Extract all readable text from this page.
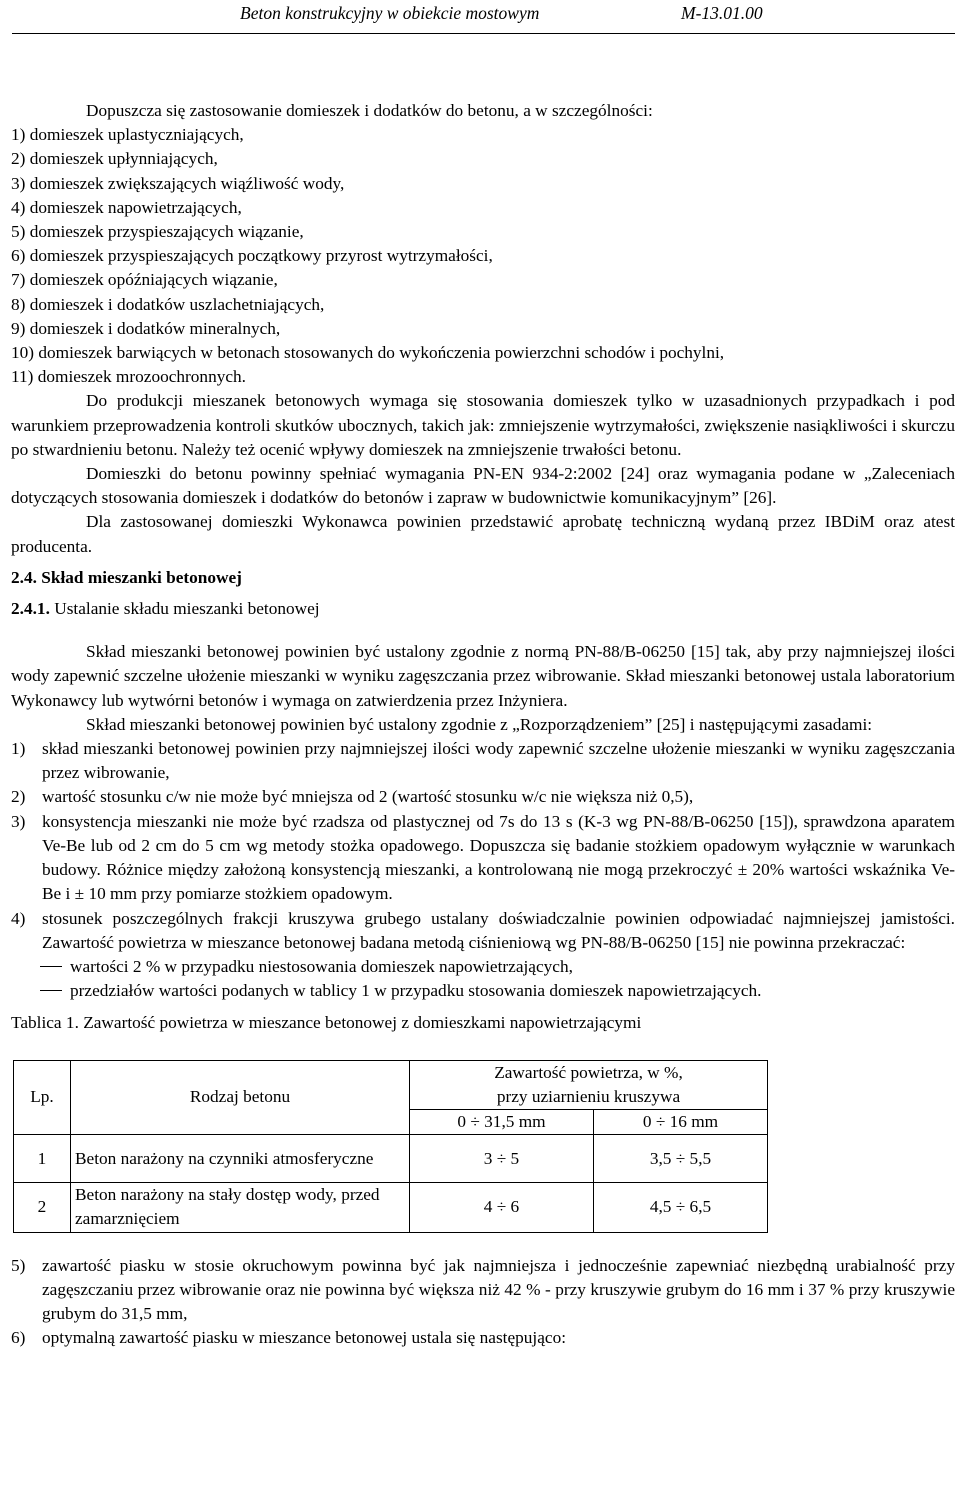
Beton konstrukcyjny w obiekcie mostowym	M-13.01.00

Dopuszcza się zastosowanie domieszek i dodatków do betonu, a w szczególności:

1) domieszek uplastyczniających,
2) domieszek upłynniających,
3) domieszek zwiększających wiąźliwość wody,
4) domieszek napowietrzających,
5) domieszek przyspieszających wiązanie,
6) domieszek przyspieszających początkowy przyrost wytrzymałości,
7) domieszek opóźniających wiązanie,
8) domieszek i dodatków uszlachetniających,
9) domieszek i dodatków mineralnych,
10) domieszek barwiących w betonach stosowanych do wykończenia powierzchni schodów i pochylni,
11) domieszek mrozoochronnych.

Do produkcji mieszanek betonowych wymaga się stosowania domieszek tylko w uzasadnionych przypadkach i pod warunkiem przeprowadzenia kontroli skutków ubocznych, takich jak: zmniejszenie wytrzymałości, zwiększenie nasiąkliwości i skurczu po stwardnieniu betonu. Należy też ocenić wpływy domieszek na zmniejszenie trwałości betonu.

Domieszki do betonu powinny spełniać wymagania PN-EN 934-2:2002 [24] oraz wymagania podane w „Zaleceniach dotyczących stosowania domieszek i dodatków do betonów i zapraw w budownictwie komunikacyjnym” [26].

Dla zastosowanej domieszki Wykonawca powinien przedstawić aprobatę techniczną wydaną przez IBDiM oraz atest producenta.

2.4. Skład mieszanki betonowej

2.4.1. Ustalanie składu mieszanki betonowej

Skład mieszanki betonowej powinien być ustalony zgodnie z normą PN-88/B-06250 [15] tak, aby przy najmniejszej ilości wody zapewnić szczelne ułożenie mieszanki w wyniku zagęszczania przez wibrowanie. Skład mieszanki betonowej ustala laboratorium Wykonawcy lub wytwórni betonów i wymaga on zatwierdzenia przez Inżyniera.

Skład mieszanki betonowej powinien być ustalony zgodnie z „Rozporządzeniem” [25] i następującymi zasadami:

1) skład mieszanki betonowej powinien przy najmniejszej ilości wody zapewnić szczelne ułożenie mieszanki w wyniku zagęszczania przez wibrowanie,
2) wartość stosunku c/w nie może być mniejsza od 2 (wartość stosunku w/c nie większa niż 0,5),
3) konsystencja mieszanki nie może być rzadsza od plastycznej od 7s do 13 s (K-3 wg PN-88/B-06250 [15]), sprawdzona aparatem Ve-Be lub od 2 cm do 5 cm wg metody stożka opadowego. Dopuszcza się badanie stożkiem opadowym wyłącznie w warunkach budowy. Różnice między założoną konsystencją mieszanki, a kontrolowaną nie mogą przekroczyć ± 20% wartości wskaźnika Ve-Be i ± 10 mm przy pomiarze stożkiem opadowym.
4) stosunek poszczególnych frakcji kruszywa grubego ustalany doświadczalnie powinien odpowiadać najmniejszej jamistości. Zawartość powietrza w mieszance betonowej badana metodą ciśnieniową wg PN-88/B-06250 [15] nie powinna przekraczać:
wartości 2 % w przypadku niestosowania domieszek napowietrzających,
przedziałów wartości podanych w tablicy 1 w przypadku stosowania domieszek napowietrzających.

Tablica 1. Zawartość powietrza w mieszance betonowej z domieszkami napowietrzającymi

Lp.	Rodzaj betonu	Zawartość powietrza, w %,
przy uziarnieniu kruszywa	
		0 ÷ 31,5 mm	0 ÷ 16 mm
1	Beton narażony na czynniki atmosferyczne	3 ÷ 5	3,5 ÷ 5,5
2	Beton narażony na stały dostęp wody, przed zamarznięciem	4 ÷ 6	4,5 ÷ 6,5
5) zawartość piasku w stosie okruchowym powinna być jak najmniejsza i jednocześnie zapewniać niezbędną urabialność przy zagęszczaniu przez wibrowanie oraz nie powinna być większa niż 42 % - przy kruszywie grubym do 16 mm i 37 % przy kruszywie grubym do 31,5 mm,
6) optymalną zawartość piasku w mieszance betonowej ustala się następująco:
